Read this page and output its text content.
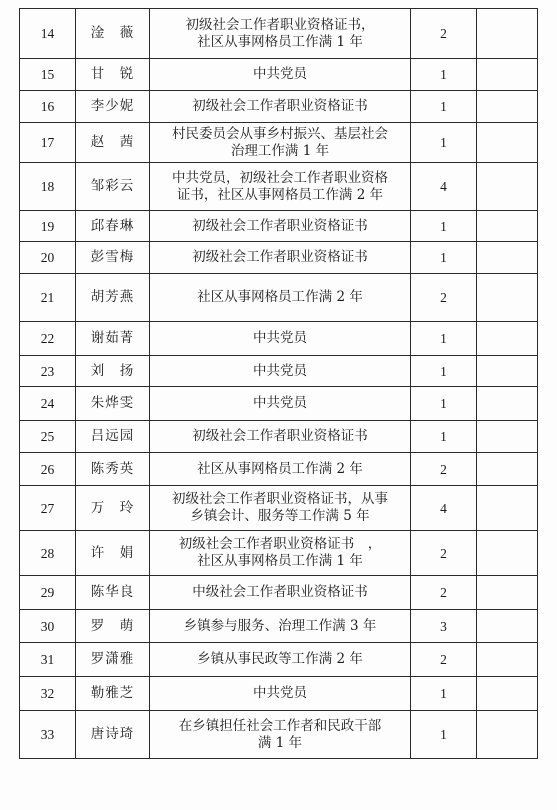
14	淦　薇	初级社会工作者职业资格证书，
社区从事网格员工作满 1 年	2	
15	甘　锐	中共党员	1	
16	李少妮	初级社会工作者职业资格证书	1	
17	赵　茜	村民委员会从事乡村振兴、基层社会
治理工作满 1 年	1	
18	邹彩云	中共党员，初级社会工作者职业资格
证书，社区从事网格员工作满 2 年	4	
19	邱春琳	初级社会工作者职业资格证书	1	
20	彭雪梅	初级社会工作者职业资格证书	1	
21	胡芳燕	社区从事网格员工作满 2 年	2	
22	谢茹菁	中共党员	1	
23	刘　扬	中共党员	1	
24	朱烨雯	中共党员	1	
25	吕远园	初级社会工作者职业资格证书	1	
26	陈秀英	社区从事网格员工作满 2 年	2	
27	万　玲	初级社会工作者职业资格证书，从事
乡镇会计、服务等工作满 5 年	4	
28	许　娟	初级社会工作者职业资格证书　，
社区从事网格员工作满 1 年	2	
29	陈华良	中级社会工作者职业资格证书	2	
30	罗　萌	乡镇参与服务、治理工作满 3 年	3	
31	罗潇雅	乡镇从事民政等工作满 2 年	2	
32	勒雅芝	中共党员	1	
33	唐诗琦	在乡镇担任社会工作者和民政干部
满 1 年	1	
